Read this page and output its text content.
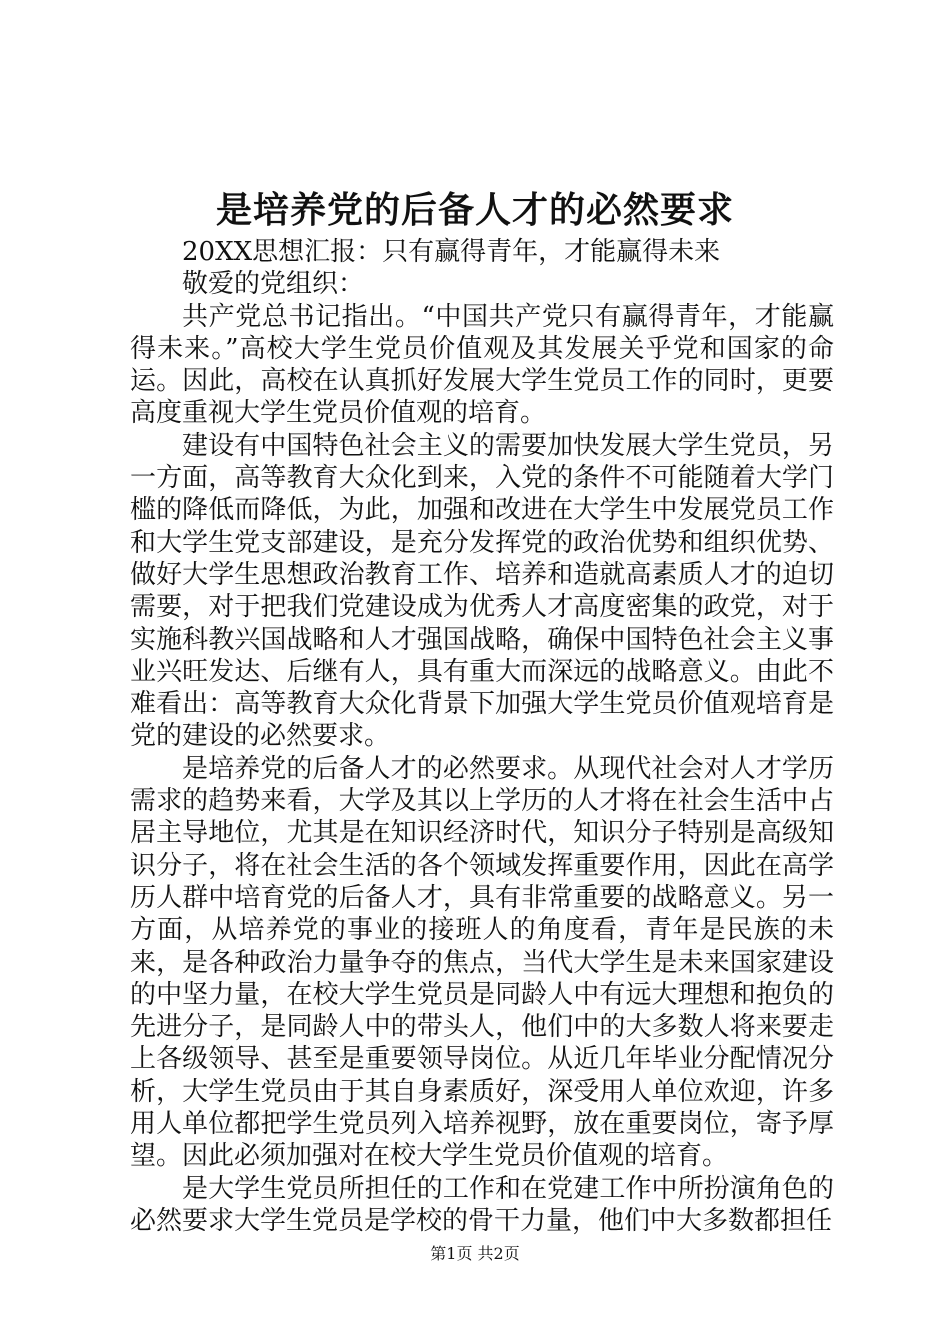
是培养党的后备人才的必然要求

20XX思想汇报：只有赢得青年，才能赢得未来

敬爱的党组织：

共产党总书记指出。“中国共产党只有赢得青年，才能赢得未来。”高校大学生党员价值观及其发展关乎党和国家的命运。因此，高校在认真抓好发展大学生党员工作的同时，更要高度重视大学生党员价值观的培育。

建设有中国特色社会主义的需要加快发展大学生党员，另一方面，高等教育大众化到来，入党的条件不可能随着大学门槛的降低而降低，为此，加强和改进在大学生中发展党员工作和大学生党支部建设，是充分发挥党的政治优势和组织优势、做好大学生思想政治教育工作、培养和造就高素质人才的迫切需要，对于把我们党建设成为优秀人才高度密集的政党，对于实施科教兴国战略和人才强国战略，确保中国特色社会主义事业兴旺发达、后继有人，具有重大而深远的战略意义。由此不难看出：高等教育大众化背景下加强大学生党员价值观培育是党的建设的必然要求。

是培养党的后备人才的必然要求。从现代社会对人才学历需求的趋势来看，大学及其以上学历的人才将在社会生活中占居主导地位，尤其是在知识经济时代，知识分子特别是高级知识分子，将在社会生活的各个领域发挥重要作用，因此在高学历人群中培育党的后备人才，具有非常重要的战略意义。另一方面，从培养党的事业的接班人的角度看，青年是民族的未来，是各种政治力量争夺的焦点，当代大学生是未来国家建设的中坚力量，在校大学生党员是同龄人中有远大理想和抱负的先进分子，是同龄人中的带头人，他们中的大多数人将来要走上各级领导、甚至是重要领导岗位。从近几年毕业分配情况分析，大学生党员由于其自身素质好，深受用人单位欢迎，许多用人单位都把学生党员列入培养视野，放在重要岗位，寄予厚望。因此必须加强对在校大学生党员价值观的培育。

是大学生党员所担任的工作和在党建工作中所扮演角色的必然要求大学生党员是学校的骨干力量，他们中大多数都担任

第1页 共2页
